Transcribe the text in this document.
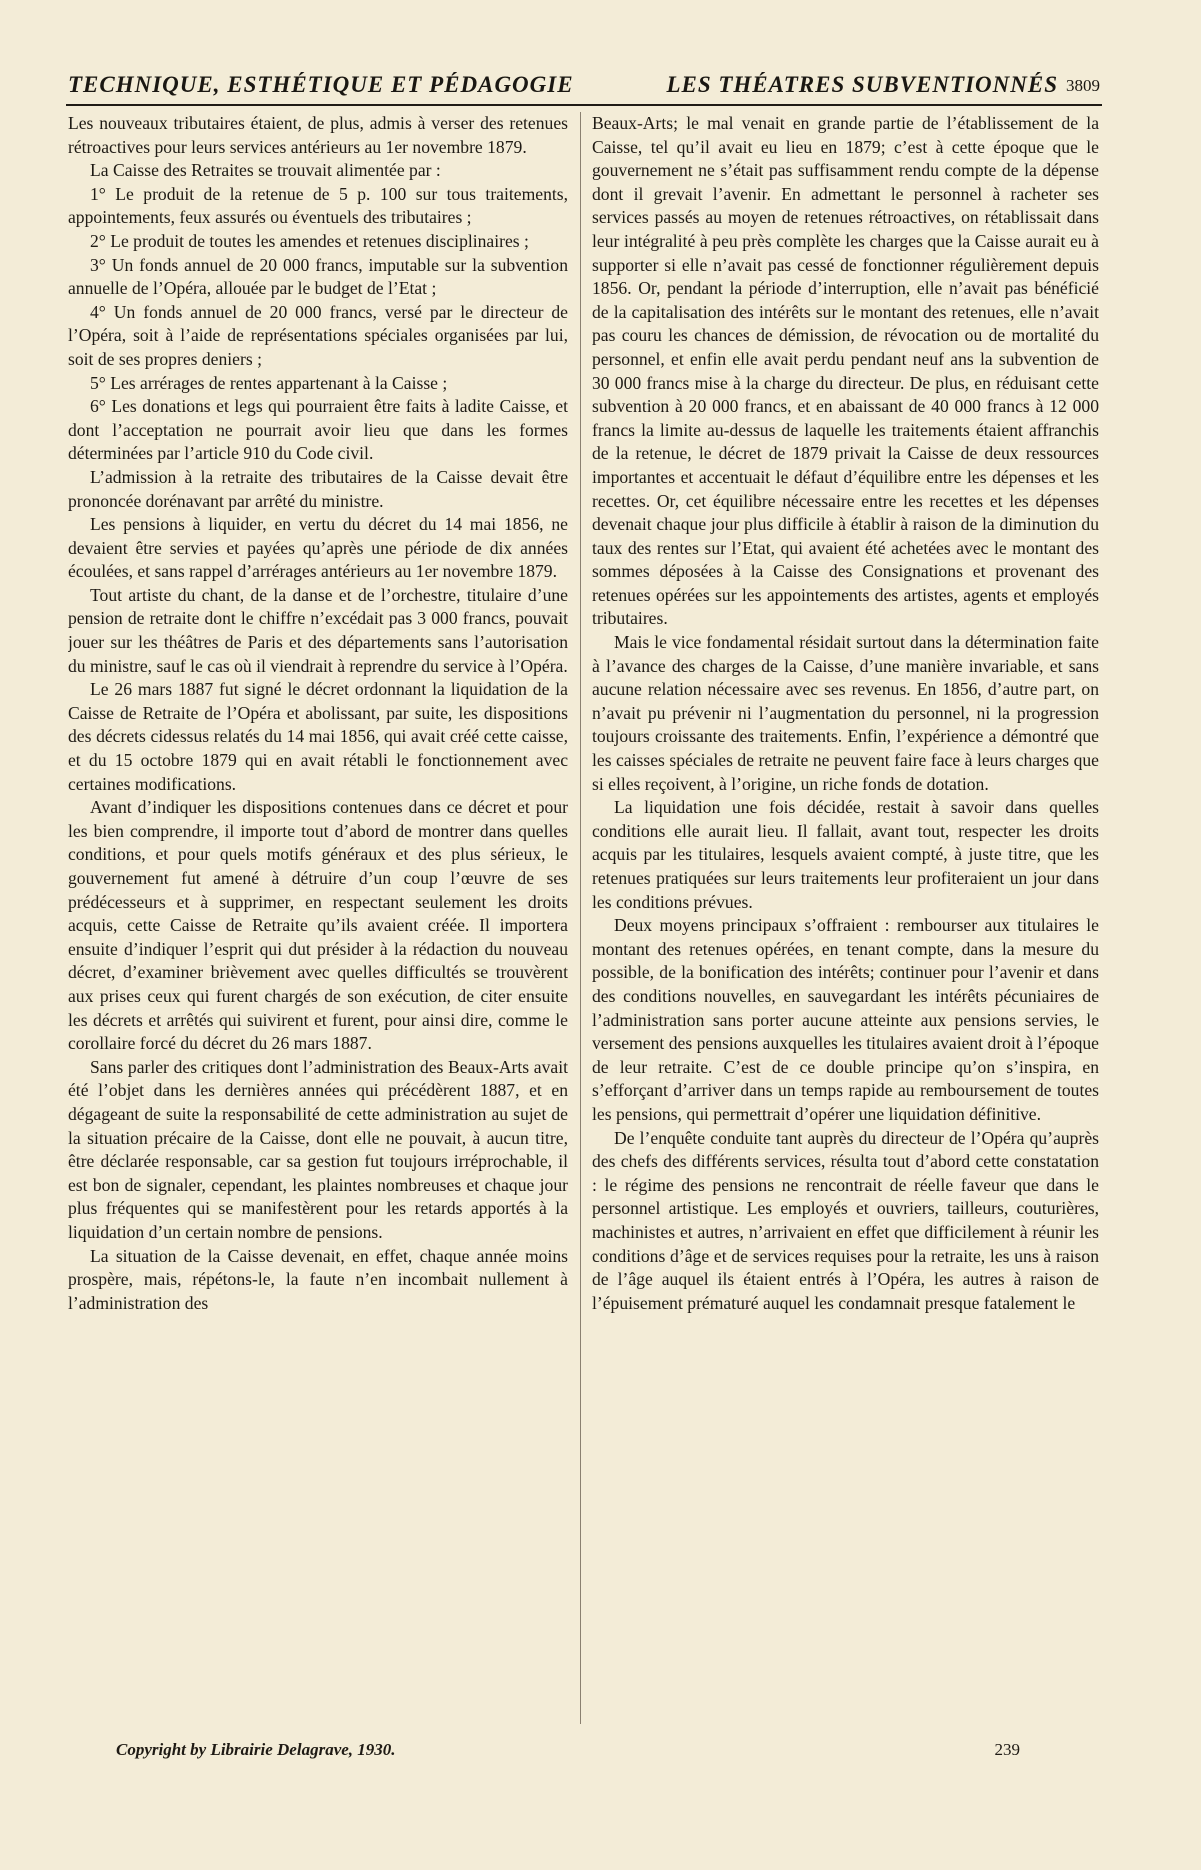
TECHNIQUE, ESTHÉTIQUE ET PÉDAGOGIE	LES THÉATRES SUBVENTIONNÉS 3809

Les nouveaux tributaires étaient, de plus, admis à verser des retenues rétroactives pour leurs services antérieurs au 1er novembre 1879.

La Caisse des Retraites se trouvait alimentée par :

1° Le produit de la retenue de 5 p. 100 sur tous traitements, appointements, feux assurés ou éventuels des tributaires ;

2° Le produit de toutes les amendes et retenues disciplinaires ;

3° Un fonds annuel de 20 000 francs, imputable sur la subvention annuelle de l’Opéra, allouée par le budget de l’Etat ;

4° Un fonds annuel de 20 000 francs, versé par le directeur de l’Opéra, soit à l’aide de représentations spéciales organisées par lui, soit de ses propres deniers ;

5° Les arrérages de rentes appartenant à la Caisse ;

6° Les donations et legs qui pourraient être faits à ladite Caisse, et dont l’acceptation ne pourrait avoir lieu que dans les formes déterminées par l’article 910 du Code civil.

L’admission à la retraite des tributaires de la Caisse devait être prononcée dorénavant par arrêté du ministre.

Les pensions à liquider, en vertu du décret du 14 mai 1856, ne devaient être servies et payées qu’après une période de dix années écoulées, et sans rappel d’arrérages antérieurs au 1er novembre 1879.

Tout artiste du chant, de la danse et de l’orchestre, titulaire d’une pension de retraite dont le chiffre n’excédait pas 3 000 francs, pouvait jouer sur les théâtres de Paris et des départements sans l’autorisation du ministre, sauf le cas où il viendrait à reprendre du service à l’Opéra.

Le 26 mars 1887 fut signé le décret ordonnant la liquidation de la Caisse de Retraite de l’Opéra et abolissant, par suite, les dispositions des décrets cidessus relatés du 14 mai 1856, qui avait créé cette caisse, et du 15 octobre 1879 qui en avait rétabli le fonctionnement avec certaines modifications.

Avant d’indiquer les dispositions contenues dans ce décret et pour les bien comprendre, il importe tout d’abord de montrer dans quelles conditions, et pour quels motifs généraux et des plus sérieux, le gouvernement fut amené à détruire d’un coup l’œuvre de ses prédécesseurs et à supprimer, en respectant seulement les droits acquis, cette Caisse de Retraite qu’ils avaient créée. Il importera ensuite d’indiquer l’esprit qui dut présider à la rédaction du nouveau décret, d’examiner brièvement avec quelles difficultés se trouvèrent aux prises ceux qui furent chargés de son exécution, de citer ensuite les décrets et arrêtés qui suivirent et furent, pour ainsi dire, comme le corollaire forcé du décret du 26 mars 1887.

Sans parler des critiques dont l’administration des Beaux-Arts avait été l’objet dans les dernières années qui précédèrent 1887, et en dégageant de suite la responsabilité de cette administration au sujet de la situation précaire de la Caisse, dont elle ne pouvait, à aucun titre, être déclarée responsable, car sa gestion fut toujours irréprochable, il est bon de signaler, cependant, les plaintes nombreuses et chaque jour plus fréquentes qui se manifestèrent pour les retards apportés à la liquidation d’un certain nombre de pensions.

La situation de la Caisse devenait, en effet, chaque année moins prospère, mais, répétons-le, la faute n’en incombait nullement à l’administration des

Beaux-Arts; le mal venait en grande partie de l’établissement de la Caisse, tel qu’il avait eu lieu en 1879; c’est à cette époque que le gouvernement ne s’était pas suffisamment rendu compte de la dépense dont il grevait l’avenir. En admettant le personnel à racheter ses services passés au moyen de retenues rétroactives, on rétablissait dans leur intégralité à peu près complète les charges que la Caisse aurait eu à supporter si elle n’avait pas cessé de fonctionner régulièrement depuis 1856. Or, pendant la période d’interruption, elle n’avait pas bénéficié de la capitalisation des intérêts sur le montant des retenues, elle n’avait pas couru les chances de démission, de révocation ou de mortalité du personnel, et enfin elle avait perdu pendant neuf ans la subvention de 30 000 francs mise à la charge du directeur. De plus, en réduisant cette subvention à 20 000 francs, et en abaissant de 40 000 francs à 12 000 francs la limite au-dessus de laquelle les traitements étaient affranchis de la retenue, le décret de 1879 privait la Caisse de deux ressources importantes et accentuait le défaut d’équilibre entre les dépenses et les recettes. Or, cet équilibre nécessaire entre les recettes et les dépenses devenait chaque jour plus difficile à établir à raison de la diminution du taux des rentes sur l’Etat, qui avaient été achetées avec le montant des sommes déposées à la Caisse des Consignations et provenant des retenues opérées sur les appointements des artistes, agents et employés tributaires.

Mais le vice fondamental résidait surtout dans la détermination faite à l’avance des charges de la Caisse, d’une manière invariable, et sans aucune relation nécessaire avec ses revenus. En 1856, d’autre part, on n’avait pu prévenir ni l’augmentation du personnel, ni la progression toujours croissante des traitements. Enfin, l’expérience a démontré que les caisses spéciales de retraite ne peuvent faire face à leurs charges que si elles reçoivent, à l’origine, un riche fonds de dotation.

La liquidation une fois décidée, restait à savoir dans quelles conditions elle aurait lieu. Il fallait, avant tout, respecter les droits acquis par les titulaires, lesquels avaient compté, à juste titre, que les retenues pratiquées sur leurs traitements leur profiteraient un jour dans les conditions prévues.

Deux moyens principaux s’offraient : rembourser aux titulaires le montant des retenues opérées, en tenant compte, dans la mesure du possible, de la bonification des intérêts; continuer pour l’avenir et dans des conditions nouvelles, en sauvegardant les intérêts pécuniaires de l’administration sans porter aucune atteinte aux pensions servies, le versement des pensions auxquelles les titulaires avaient droit à l’époque de leur retraite. C’est de ce double principe qu’on s’inspira, en s’efforçant d’arriver dans un temps rapide au remboursement de toutes les pensions, qui permettrait d’opérer une liquidation définitive.

De l’enquête conduite tant auprès du directeur de l’Opéra qu’auprès des chefs des différents services, résulta tout d’abord cette constatation : le régime des pensions ne rencontrait de réelle faveur que dans le personnel artistique. Les employés et ouvriers, tailleurs, couturières, machinistes et autres, n’arrivaient en effet que difficilement à réunir les conditions d’âge et de services requises pour la retraite, les uns à raison de l’âge auquel ils étaient entrés à l’Opéra, les autres à raison de l’épuisement prématuré auquel les condamnait presque fatalement le

Copyright by Librairie Delagrave, 1930.	239
